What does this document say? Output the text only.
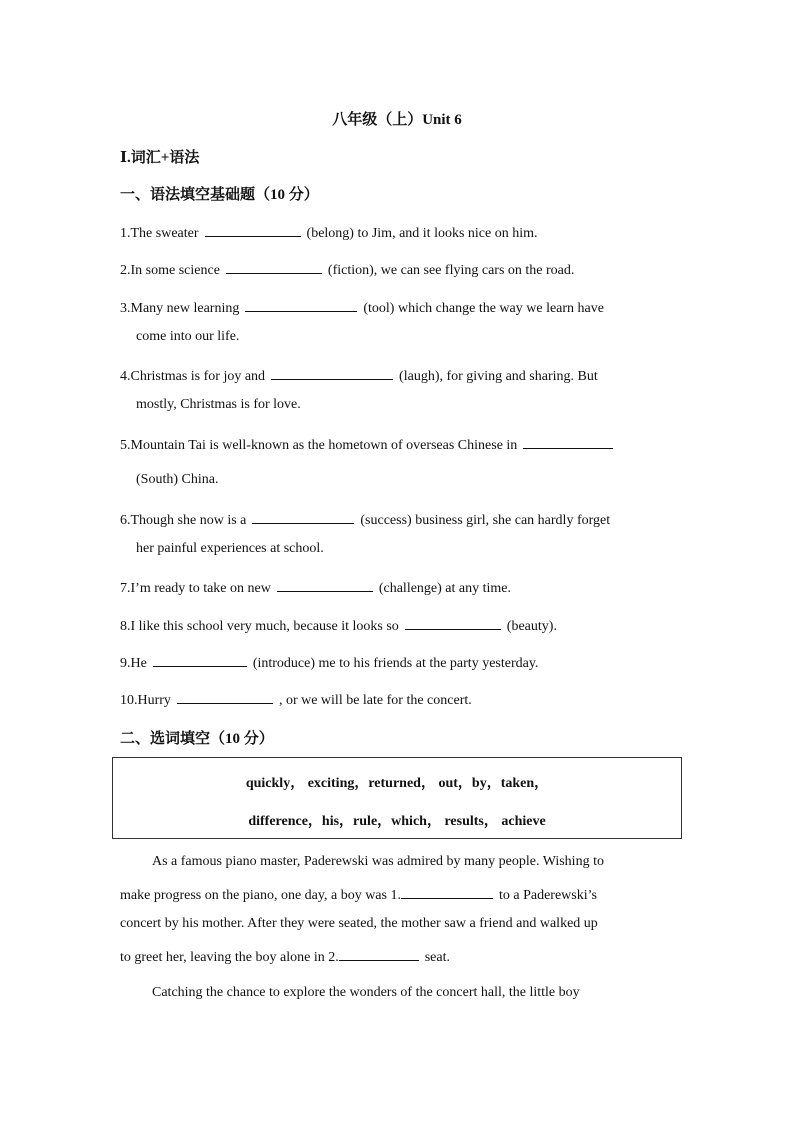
八年级（上）Unit 6
Ⅰ.词汇+语法
一、语法填空基础题（10 分）
1.The sweater	(belong) to Jim, and it looks nice on him.
2.In some science	(fiction), we can see flying cars on the road.
3.Many new learning	(tool) which change the way we learn have
come into our life.
4.Christmas is for joy and	(laugh), for giving and sharing. But
mostly, Christmas is for love.
5.Mountain Tai is well-known as the hometown of overseas Chinese in
(South) China.
6.Though she now is a	(success) business girl, she can hardly forget
her painful experiences at school.
7.I’m ready to take on new	(challenge) at any time.
8.I like this school very much, because it looks so	(beauty).
9.He	(introduce) me to his friends at the party yesterday.
10.Hurry	, or we will be late for the concert.
二、选词填空（10 分）
quickly， exciting，returned， out，by，taken，
difference，his，rule，which， results， achieve
As a famous piano master, Paderewski was admired by many people. Wishing to
make progress on the piano, one day, a boy was 1.	to a Paderewski’s
concert by his mother. After they were seated, the mother saw a friend and walked up
to greet her, leaving the boy alone in 2.	seat.
Catching the chance to explore the wonders of the concert hall, the little boy
